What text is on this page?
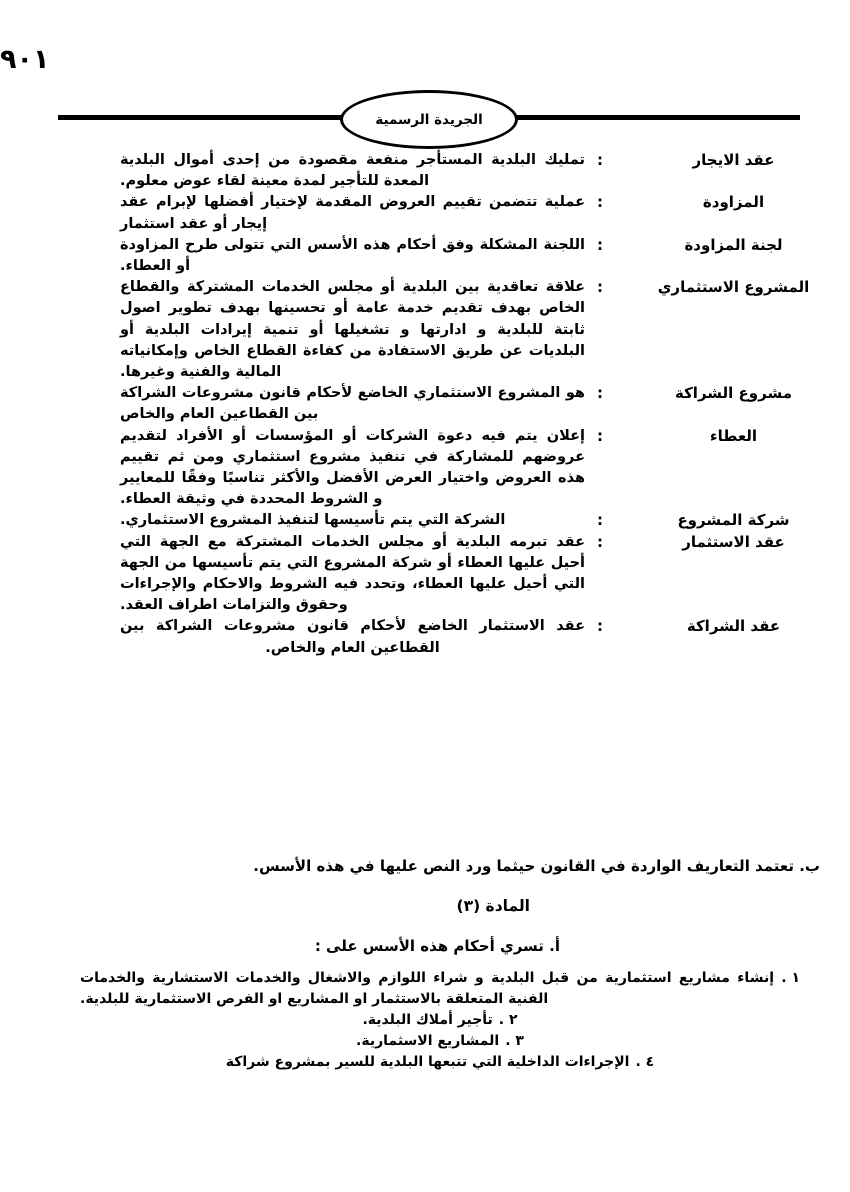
٩٠١
الجريدة الرسمية
عقد الايجار
:
تمليك البلدية المستأجر منفعة مقصودة من إحدى أموال البلدية المعدة للتأجير لمدة معينة لقاء عوض معلوم.
المزاودة
:
عملية تتضمن تقييم العروض المقدمة لإختيار أفضلها لإبرام عقد إيجار أو عقد استثمار
لجنة المزاودة
:
اللجنة المشكلة وفق أحكام هذه الأسس التي تتولى طرح المزاودة أو العطاء.
المشروع الاستثماري
:
علاقة تعاقدية بين البلدية أو مجلس الخدمات المشتركة والقطاع الخاص بهدف تقديم خدمة عامة أو تحسينها بهدف تطوير اصول ثابتة للبلدية و ادارتها و تشغيلها أو تنمية إيرادات البلدية أو البلديات عن طريق الاستفادة من كفاءة القطاع الخاص وإمكانياته المالية والفنية وغيرها.
مشروع الشراكة
:
هو المشروع الاستثماري الخاضع لأحكام قانون مشروعات الشراكة بين القطاعين العام والخاص
العطاء
:
إعلان يتم فيه دعوة الشركات أو المؤسسات أو الأفراد لتقديم عروضهم للمشاركة في تنفيذ مشروع استثماري ومن ثم تقييم هذه العروض واختيار العرض الأفضل والأكثر تناسبًا وفقًا للمعايير و الشروط المحددة في وثيقة العطاء.
شركة المشروع
:
الشركة التي يتم تأسيسها لتنفيذ المشروع الاستثماري.
عقد الاستثمار
:
عقد تبرمه البلدية أو مجلس الخدمات المشتركة مع الجهة التي أحيل عليها العطاء أو شركة المشروع التي يتم تأسيسها من الجهة التي أحيل عليها العطاء، وتحدد فيه الشروط والاحكام والإجراءات وحقوق والتزامات اطراف العقد.
عقد الشراكة
:
عقد الاستثمار الخاضع لأحكام قانون مشروعات الشراكة بين القطاعين العام والخاص.
ب. تعتمد التعاريف الواردة في القانون حيثما ورد النص عليها في هذه الأسس.
المادة (٣)
أ. تسري أحكام هذه الأسس على :
١ .
إنشاء مشاريع استثمارية من قبل البلدية و شراء اللوازم والاشغال والخدمات الاستشارية والخدمات الفنية المتعلقة بالاستثمار او المشاريع او الفرص الاستثمارية للبلدية.
٢ .
تأجير أملاك البلدية.
٣ .
المشاريع الاسثمارية.
٤ .
الإجراءات الداخلية التي تتبعها البلدية للسير بمشروع شراكة
